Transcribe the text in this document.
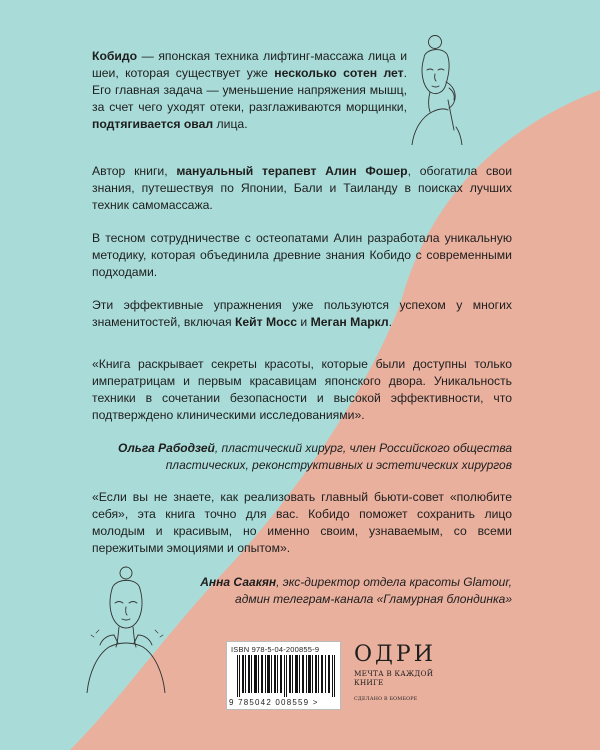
Кобидо — японская техника лифтинг-массажа лица и шеи, которая существует уже несколько сотен лет. Его главная задача — уменьшение напряжения мышц, за счет чего уходят отеки, разглаживаются морщинки, подтягивается овал лица.

Автор книги, мануальный терапевт Алин Фошер, обогатила свои знания, путешествуя по Японии, Бали и Таиланду в поисках лучших техник самомассажа.

В тесном сотрудничестве с остеопатами Алин разработала уникальную методику, которая объединила древние знания Кобидо с современными подходами.

Эти эффективные упражнения уже пользуются успехом у многих знаменитостей, включая Кейт Мосс и Меган Маркл.

«Книга раскрывает секреты красоты, которые были доступны только императрицам и первым красавицам японского двора. Уникальность техники в сочетании безопасности и высокой эффективности, что подтверждено клиническими исследованиями».

Ольга Рабодзей, пластический хирург, член Российского общества пластических, реконструктивных и эстетических хирургов

«Если вы не знаете, как реализовать главный бьюти-совет «полюбите себя», эта книга точно для вас. Кобидо поможет сохранить лицо молодым и красивым, но именно своим, узнаваемым, со всеми пережитыми эмоциями и опытом».

Анна Саакян, экс-директор отдела красоты Glamour,
админ телеграм-канала «Гламурная блондинка»

ISBN 978-5-04-200855-9
9 785042 008559 >
ОДРИ
МЕЧТА В КАЖДОЙ КНИГЕ
СДЕЛАНО В БОМБОРЕ
